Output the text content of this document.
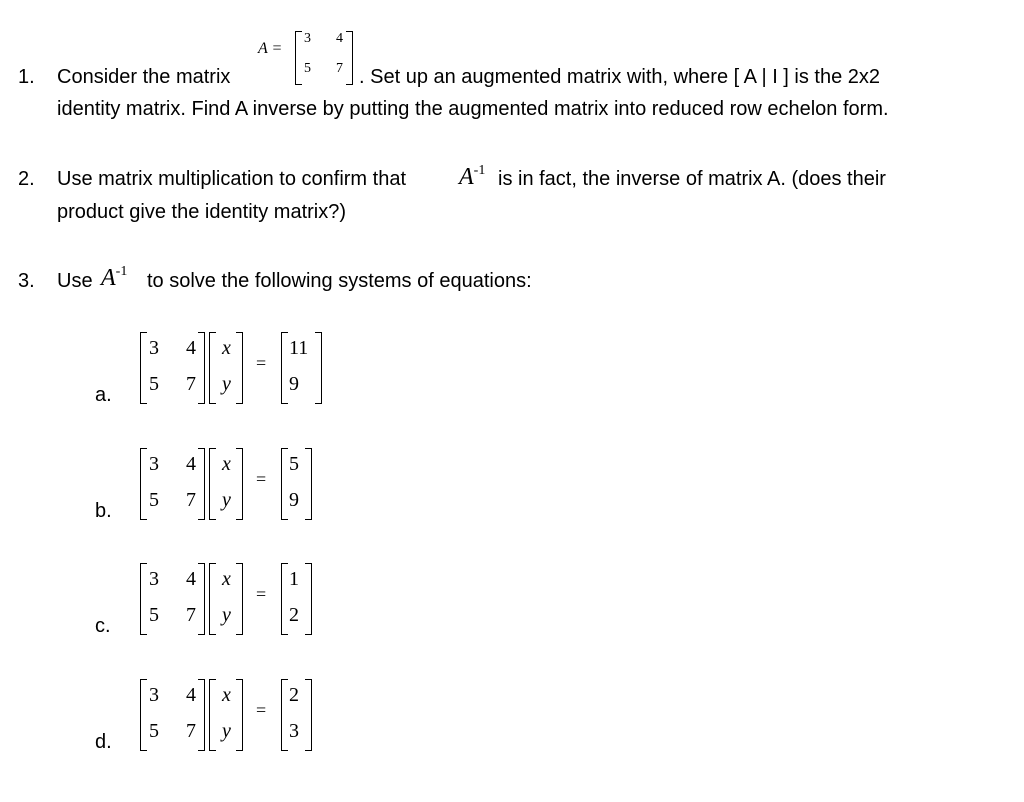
1. Consider the matrix
A =
3 4
5 7 . Set up an augmented matrix with, where [ A | I ] is the 2x2
identity matrix. Find A inverse by putting the augmented matrix into reduced row echelon form.
2. Use matrix multiplication to confirm that $A^{-1}$ is in fact, the inverse of matrix A. (does their
product give the identity matrix?)
3. Use $A^{-1}$ to solve the following systems of equations:
a.
3 4
5 7
x
y
=
11
9
b.
3 4
5 7
x
y
=
5
9
c.
3 4
5 7
x
y
=
1
2
d.
3 4
5 7
x
y
=
2
3
